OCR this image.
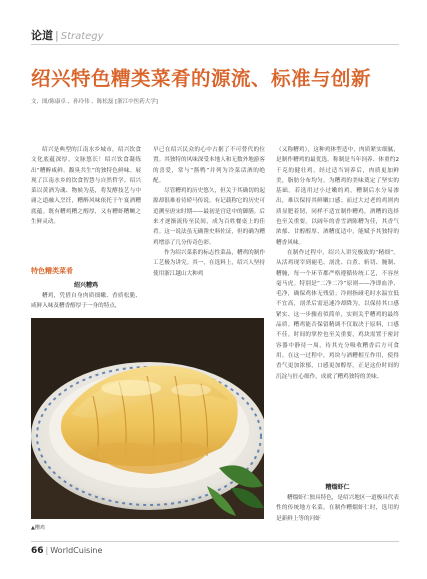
论道 | Strategy
绍兴特色糟类菜肴的源流、标准与创新
文、图/陈康卓 、孙玲伟 、陈松磊 [浙江中医药大学]

绍兴是典型的江南水乡城市，绍兴饮食文化底蕴深厚。文脉悠长！绍兴饮食凝练出“糟醉咸鲜、馥臭共生”的独特色鲜味。展现了江南水乡的饮食智慧与自然哲学。绍兴菜以黄酒为魂、物候为基，将发酵技艺与中庸之道融入烹饪，糟醉风味依托于午宴酒糟底蕴。既有糟鸡糟之醇厚，又有糟虾糟鳜之生鲜灵动。

特色糟类菜肴
绍兴糟鸡

糟鸡，凭借自身肉质细嫩、香质松脆、咸鲜入味及糟香醇厚于一身的特点，

早已在绍兴民众的心中占据了不可替代的位置。其独特的风味深受本地人和无数外地游客的喜爱，常与“酱鸭”并列为冷菜话酒的绝配。

尽管糟鸡的历史悠久，但关于其确切的起源却很难看待轿马传说。有记载称它的历史可追溯至唐宋时期——最初是宫廷中的御膳。后来才逐渐流传至民间，成为百姓餐桌上的佳肴。这一说法虽无确凿史料佐证，但的确为糟鸡增添了几分传奇色彩。

作为绍兴菜系的标志性菜品，糟鸡的制作工艺极为讲究。其一，在选料上，绍兴人坚持使用浙江越山大种鸡

（又称糟鸡），这种鸡体型适中，肉质紧实细腻，是制作糟鸡的最优选。称制是当年饲养、体重约2千克的健壮鸡，经过适当饲养后，肉质更加鲜美，脂肪分布均匀。为糟鸡的美味奠定了坚实的基础。若选用过小过嫩的鸡，糟制后水分易渗出，难以保持其鲜嫩口感；而过大过老的鸡则肉质显肥着韧，同样不适宜制作糟鸡，酒糟的选择也至关重要。以阔年的香雪酒陈糟为佳，其香气浓郁、甘醇醇厚、酒糟度适中，能赋予其独特的糟香风味。

在制作过程中，绍兴人讲究极致的“精细”。从活鸡现宰到褪毛、剖洗、白煮、斩切、腌制、糟腌，每一个环节都严格遵循传统工艺，不容丝毫马虎。特别是“二净二冷”原则——净即血净、毛净，确保鸡体无残留；冷则指碰毛时水温宜低不宜高，剖杀后需迅速冷却降为，以保持其口感紧实、这一步骤看似简单，实则关乎糟鸡的最终品质。糟鸡能否保留精调不仅取决于原料，口感不佳。时间的掌控也至关重要，鸡块需置于密封容器中静待一周，待其充分吸收糟香后方可食用。在这一过程中，鸡块与酒糟相互作用，使得香气更加浓郁，口感更加醇厚。正是这份时间的沉淀与匠心细作，成就了糟鸡独特的美味。

糟熘虾仁

糟熘虾仁独具特色，是绍兴地区一道极具代表性的传统地方名菜。在制作糟熘虾仁时，选用的是新鲜上等的河虾

▲糟鸡
66 | WorldCuisine
